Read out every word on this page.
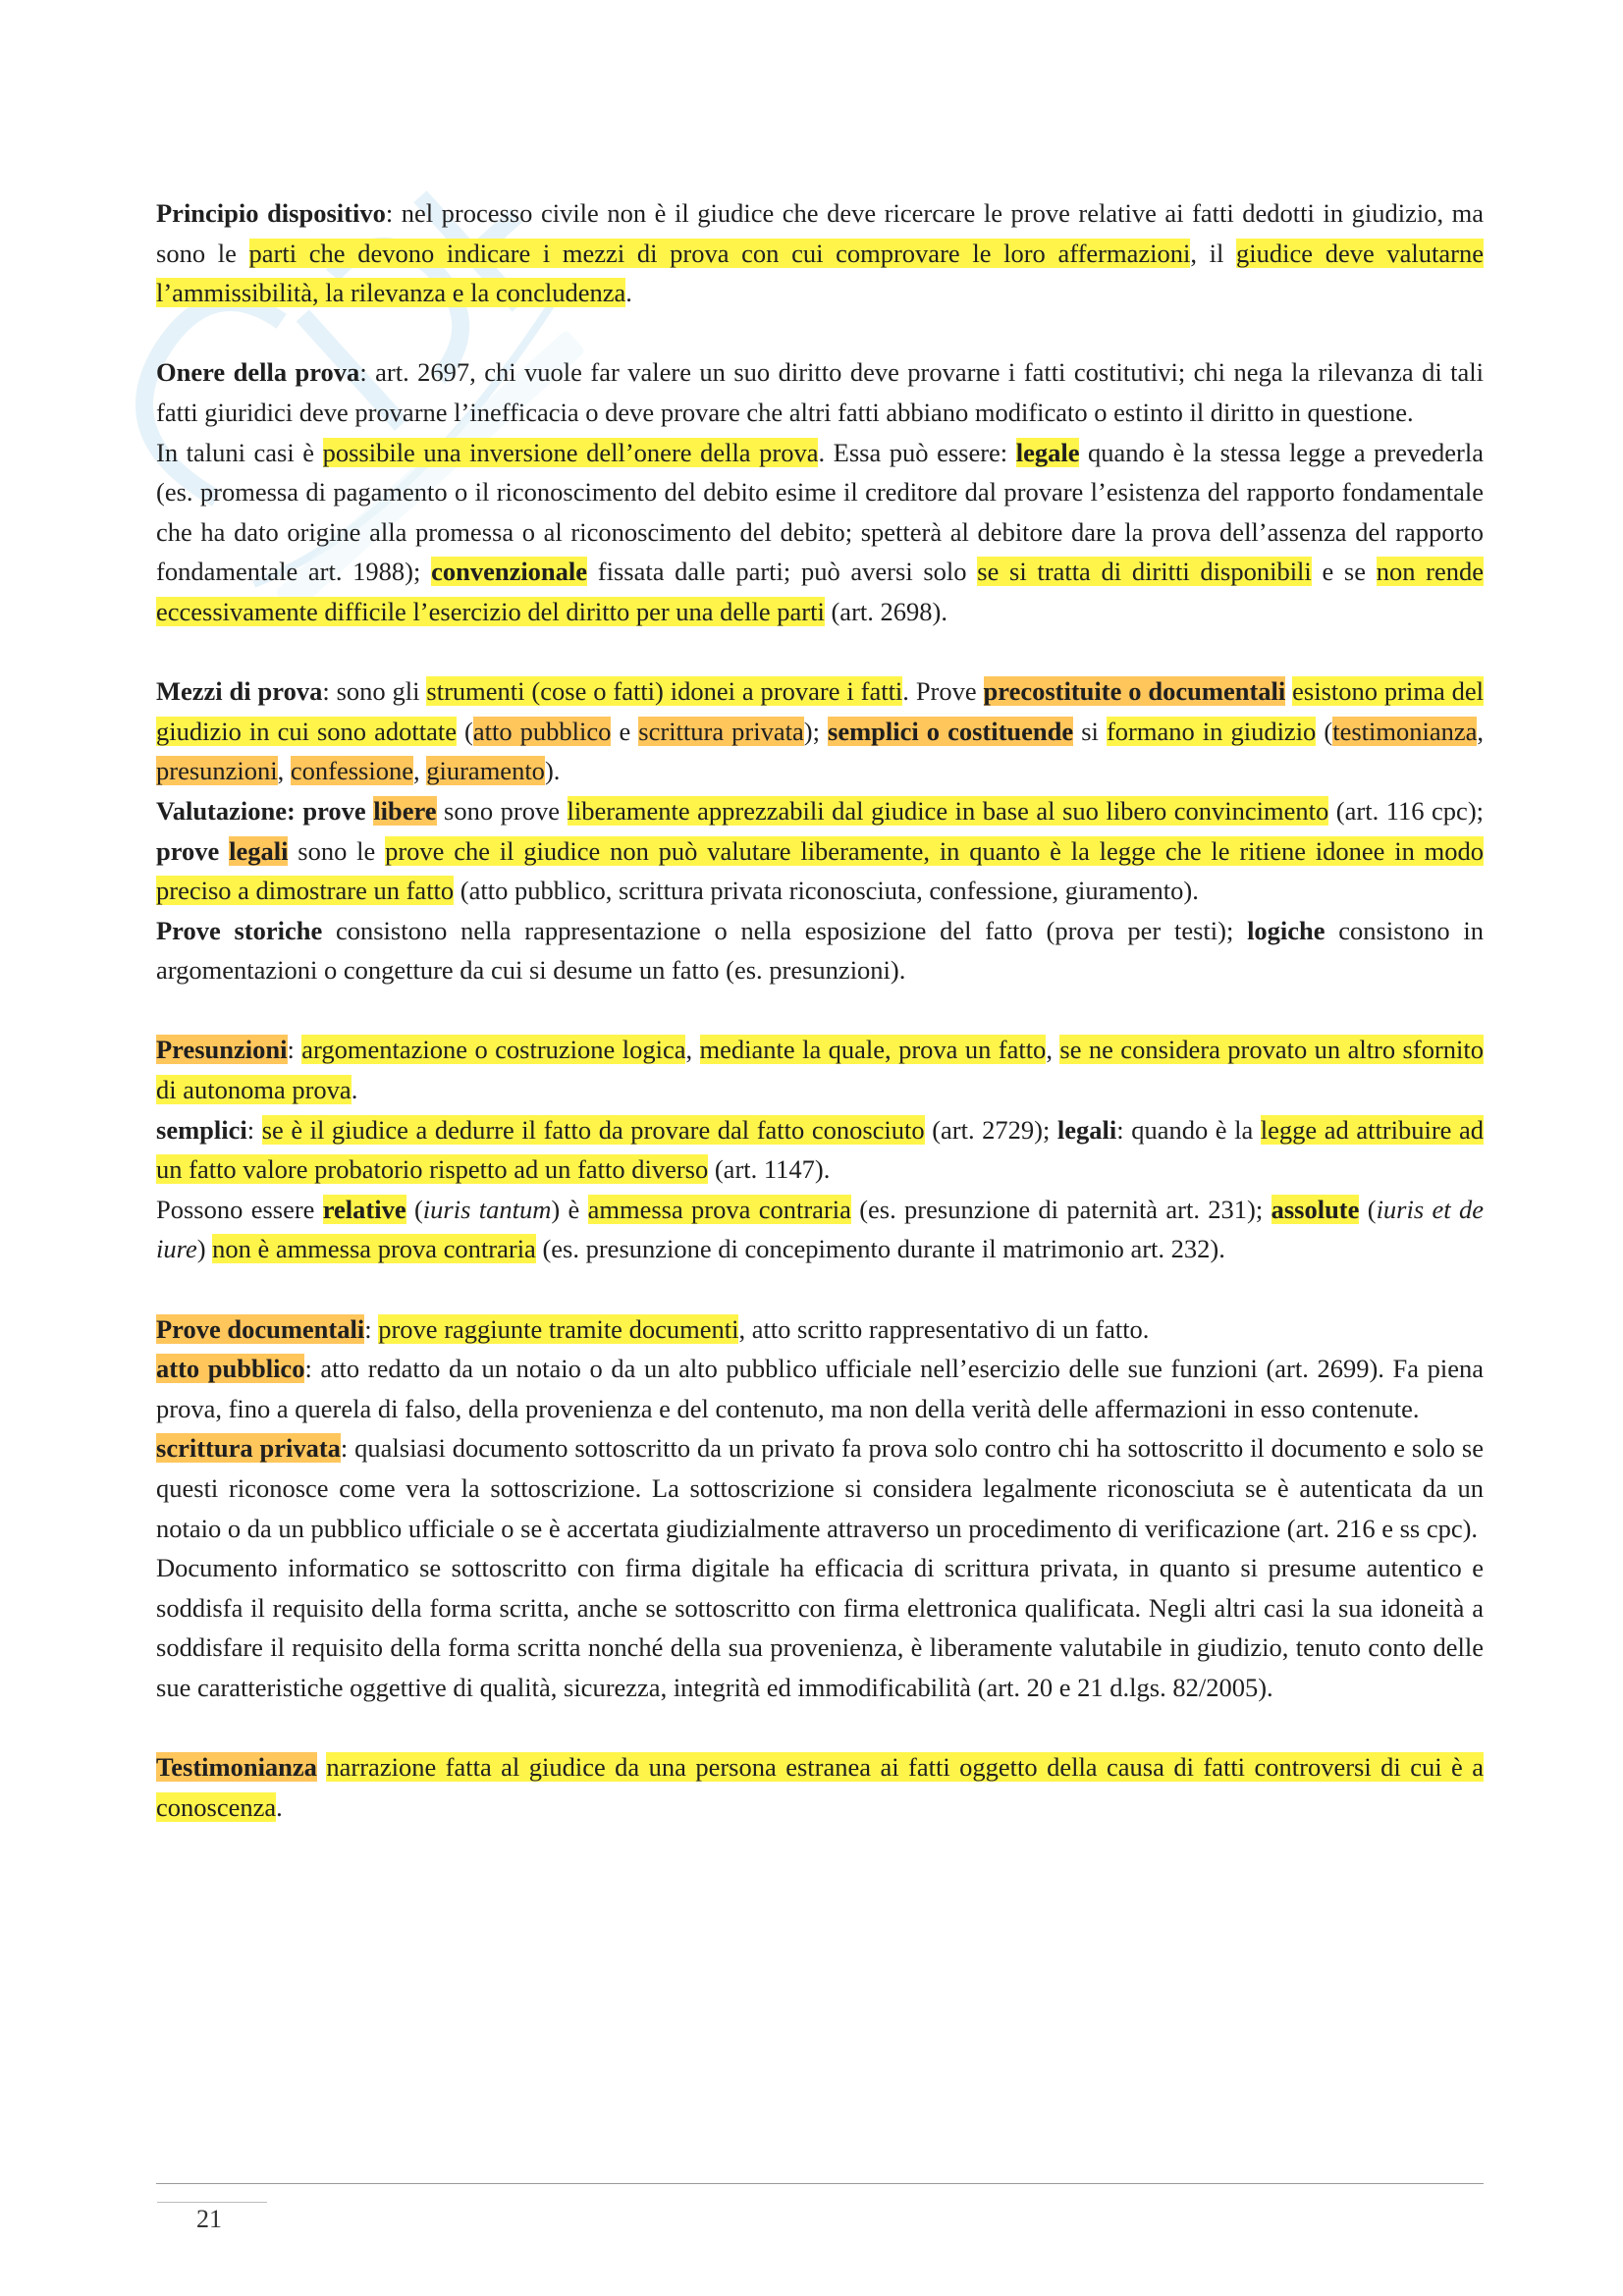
Principio dispositivo: nel processo civile non è il giudice che deve ricercare le prove relative ai fatti dedotti in giudizio, ma sono le parti che devono indicare i mezzi di prova con cui comprovare le loro affermazioni, il giudice deve valutarne l’ammissibilità, la rilevanza e la concludenza.

Onere della prova: art. 2697, chi vuole far valere un suo diritto deve provarne i fatti costitutivi; chi nega la rilevanza di tali fatti giuridici deve provarne l’inefficacia o deve provare che altri fatti abbiano modificato o estinto il diritto in questione.

In taluni casi è possibile una inversione dell’onere della prova. Essa può essere: legale quando è la stessa legge a prevederla (es. promessa di pagamento o il riconoscimento del debito esime il creditore dal provare l’esistenza del rapporto fondamentale che ha dato origine alla promessa o al riconoscimento del debito; spetterà al debitore dare la prova dell’assenza del rapporto fondamentale art. 1988); convenzionale fissata dalle parti; può aversi solo se si tratta di diritti disponibili e se non rende eccessivamente difficile l’esercizio del diritto per una delle parti (art. 2698).

Mezzi di prova: sono gli strumenti (cose o fatti) idonei a provare i fatti. Prove precostituite o documentali esistono prima del giudizio in cui sono adottate (atto pubblico e scrittura privata); semplici o costituende si formano in giudizio (testimonianza, presunzioni, confessione, giuramento).

Valutazione: prove libere sono prove liberamente apprezzabili dal giudice in base al suo libero convincimento (art. 116 cpc); prove legali sono le prove che il giudice non può valutare liberamente, in quanto è la legge che le ritiene idonee in modo preciso a dimostrare un fatto (atto pubblico, scrittura privata riconosciuta, confessione, giuramento).

Prove storiche consistono nella rappresentazione o nella esposizione del fatto (prova per testi); logiche consistono in argomentazioni o congetture da cui si desume un fatto (es. presunzioni).

Presunzioni: argomentazione o costruzione logica, mediante la quale, prova un fatto, se ne considera provato un altro sfornito di autonoma prova.

semplici: se è il giudice a dedurre il fatto da provare dal fatto conosciuto (art. 2729); legali: quando è la legge ad attribuire ad un fatto valore probatorio rispetto ad un fatto diverso (art. 1147).

Possono essere relative (iuris tantum) è ammessa prova contraria (es. presunzione di paternità art. 231); assolute (iuris et de iure) non è ammessa prova contraria (es. presunzione di concepimento durante il matrimonio art. 232).

Prove documentali: prove raggiunte tramite documenti, atto scritto rappresentativo di un fatto.

atto pubblico: atto redatto da un notaio o da un alto pubblico ufficiale nell’esercizio delle sue funzioni (art. 2699). Fa piena prova, fino a querela di falso, della provenienza e del contenuto, ma non della verità delle affermazioni in esso contenute.

scrittura privata: qualsiasi documento sottoscritto da un privato fa prova solo contro chi ha sottoscritto il documento e solo se questi riconosce come vera la sottoscrizione. La sottoscrizione si considera legalmente riconosciuta se è autenticata da un notaio o da un pubblico ufficiale o se è accertata giudizialmente attraverso un procedimento di verificazione (art. 216 e ss cpc).

Documento informatico se sottoscritto con firma digitale ha efficacia di scrittura privata, in quanto si presume autentico e soddisfa il requisito della forma scritta, anche se sottoscritto con firma elettronica qualificata. Negli altri casi la sua idoneità a soddisfare il requisito della forma scritta nonché della sua provenienza, è liberamente valutabile in giudizio, tenuto conto delle sue caratteristiche oggettive di qualità, sicurezza, integrità ed immodificabilità (art. 20 e 21 d.lgs. 82/2005).

Testimonianza narrazione fatta al giudice da una persona estranea ai fatti oggetto della causa di fatti controversi di cui è a conoscenza.

21
